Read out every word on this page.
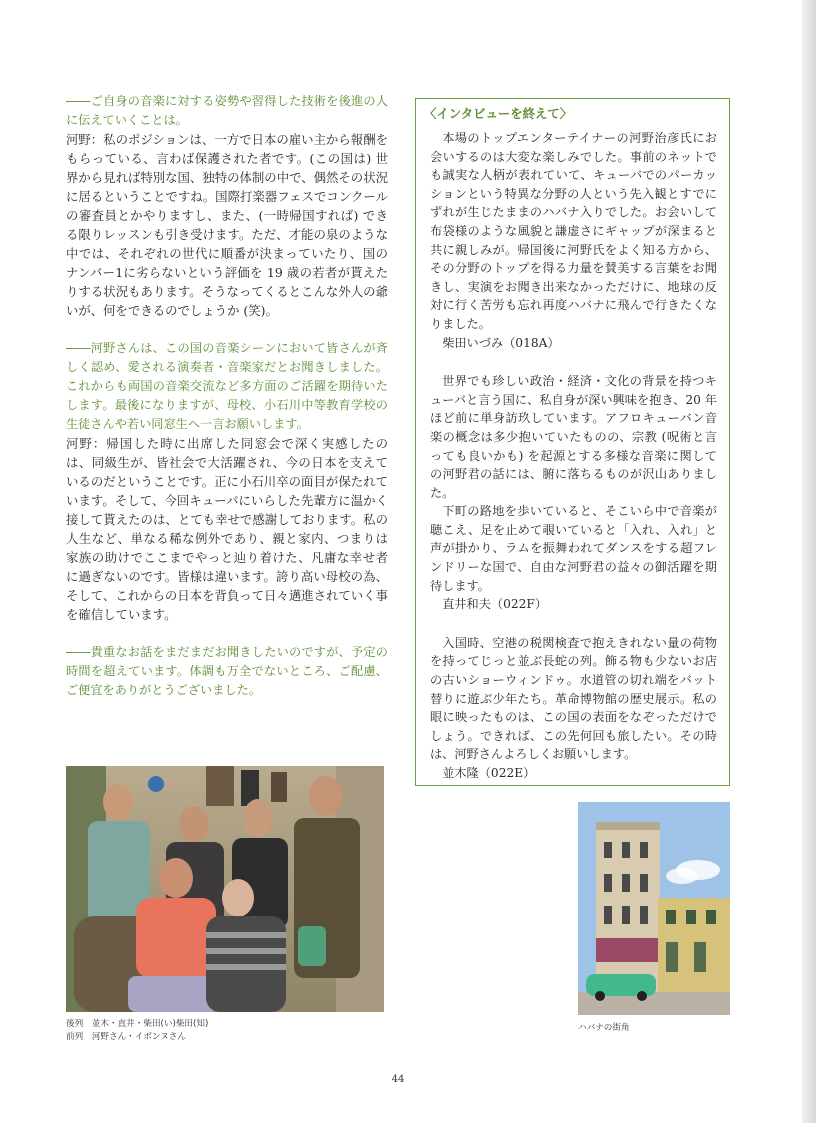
――ご自身の音楽に対する姿勢や習得した技術を後進の人に伝えていくことは。

河野：私のポジションは、一方で日本の雇い主から報酬をもらっている、言わば保護された者です。(この国は) 世界から見れば特別な国、独特の体制の中で、偶然その状況に居るということですね。国際打楽器フェスでコンクールの審査員とかやりますし、また、(一時帰国すれば) できる限りレッスンも引き受けます。ただ、才能の泉のような中では、それぞれの世代に順番が決まっていたり、国のナンバー1に劣らないという評価を 19 歳の若者が貰えたりする状況もあります。そうなってくるとこんな外人の爺いが、何をできるのでしょうか (笑)。

――河野さんは、この国の音楽シーンにおいて皆さんが斉しく認め、愛される演奏者・音楽家だとお聞きしました。これからも両国の音楽交流など多方面のご活躍を期待いたします。最後になりますが、母校、小石川中等教育学校の生徒さんや若い同窓生へ一言お願いします。

河野：帰国した時に出席した同窓会で深く実感したのは、同級生が、皆社会で大活躍され、今の日本を支えているのだということです。正に小石川卒の面目が保たれています。そして、今回キューバにいらした先輩方に温かく接して貰えたのは、とても幸せで感謝しております。私の人生など、単なる稀な例外であり、親と家内、つまりは家族の助けでここまでやっと辿り着けた、凡庸な幸せ者に過ぎないのです。皆様は違います。誇り高い母校の為、そして、これからの日本を背負って日々邁進されていく事を確信しています。

――貴重なお話をまだまだお聞きしたいのですが、予定の時間を超えています。体調も万全でないところ、ご配慮、ご便宜をありがとうございました。

〈インタビューを終えて〉

本場のトップエンターテイナーの河野治彦氏にお会いするのは大変な楽しみでした。事前のネットでも誠実な人柄が表れていて、キューバでのパーカッションという特異な分野の人という先入観とすでにずれが生じたままのハバナ入りでした。お会いして布袋様のような風貌と謙虚さにギャップが深まると共に親しみが。帰国後に河野氏をよく知る方から、その分野のトップを得る力量を賛美する言葉をお聞きし、実演をお聞き出来なかっただけに、地球の反対に行く苦労も忘れ再度ハバナに飛んで行きたくなりました。

柴田いづみ（018A）

世界でも珍しい政治・経済・文化の背景を持つキューバと言う国に、私自身が深い興味を抱き、20 年ほど前に単身訪玖しています。アフロキューバン音楽の概念は多少抱いていたものの、宗教 (呪術と言っても良いかも) を起源とする多様な音楽に関しての河野君の話には、腑に落ちるものが沢山ありました。

下町の路地を歩いていると、そこいら中で音楽が聴こえ、足を止めて覗いていると「入れ、入れ」と声が掛かり、ラムを振舞われてダンスをする超フレンドリーな国で、自由な河野君の益々の御活躍を期待します。

直井和夫（022F）

入国時、空港の税関検査で抱えきれない量の荷物を持ってじっと並ぶ長蛇の列。飾る物も少ないお店の古いショーウィンドゥ。水道管の切れ端をバット替りに遊ぶ少年たち。革命博物館の歴史展示。私の眼に映ったものは、この国の表面をなぞっただけでしょう。できれば、この先何回も旅したい。その時は、河野さんよろしくお願いします。

並木隆（022E）

後列　並木・直井・柴田(い)柴田(知)
前列　河野さん・イボンヌさん
ハバナの街角
44
